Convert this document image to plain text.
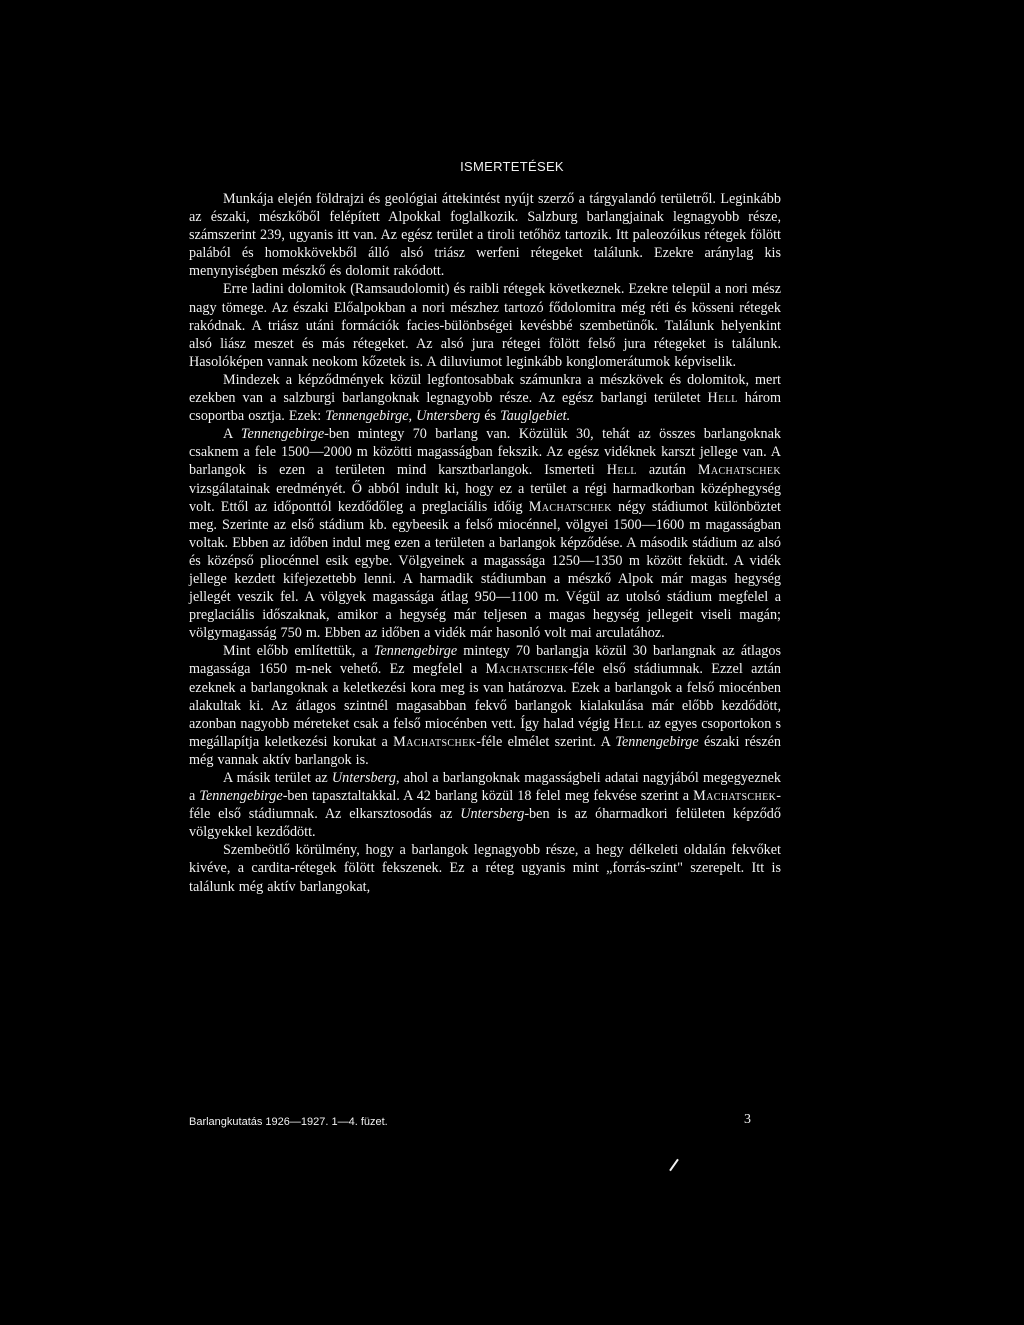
ISMERTETÉSEK

Munkája elején földrajzi és geológiai áttekintést nyújt szerző a tárgyalandó területről. Leginkább az északi, mészkőből felépített Alpokkal foglalkozik. Salzburg barlangjainak legnagyobb része, számszerint 239, ugyanis itt van. Az egész terület a tiroli tetőhöz tartozik. Itt paleozóikus rétegek fölött palából és homokkövekből álló alsó triász werfeni rétegeket találunk. Ezekre aránylag kis menynyiségben mészkő és dolomit rakódott.

Erre ladini dolomitok (Ramsaudolomit) és raibli rétegek következnek. Ezekre települ a nori mész nagy tömege. Az északi Előalpokban a nori mészhez tartozó fődolomitra még réti és kösseni rétegek rakódnak. A triász utáni formációk facies-bülönbségei kevésbbé szembetünők. Találunk helyenkint alsó liász meszet és más rétegeket. Az alsó jura rétegei fölött felső jura rétegeket is találunk. Hasolóképen vannak neokom kőzetek is. A diluviumot leginkább konglomerátumok képviselik.

Mindezek a képződmények közül legfontosabbak számunkra a mészkövek és dolomitok, mert ezekben van a salzburgi barlangoknak legnagyobb része. Az egész barlangi területet Hell három csoportba osztja. Ezek: Tennengebirge, Untersberg és Tauglgebiet.

A Tennengebirge-ben mintegy 70 barlang van. Közülük 30, tehát az összes barlangoknak csaknem a fele 1500—2000 m közötti magasságban fekszik. Az egész vidéknek karszt jellege van. A barlangok is ezen a területen mind karsztbarlangok. Ismerteti Hell azután Machatschek vizsgálatainak eredményét. Ő abból indult ki, hogy ez a terület a régi harmadkorban középhegység volt. Ettől az időponttól kezdődőleg a preglaciális időig Machatschek négy stádiumot különböztet meg. Szerinte az első stádium kb. egybeesik a felső miocénnel, völgyei 1500—1600 m magasságban voltak. Ebben az időben indul meg ezen a területen a barlangok képződése. A második stádium az alsó és középső pliocénnel esik egybe. Völgyeinek a magassága 1250—1350 m között feküdt. A vidék jellege kezdett kifejezettebb lenni. A harmadik stádiumban a mészkő Alpok már magas hegység jellegét veszik fel. A völgyek magassága átlag 950—1100 m. Végül az utolsó stádium megfelel a preglaciális időszaknak, amikor a hegység már teljesen a magas hegység jellegeit viseli magán; völgymagasság 750 m. Ebben az időben a vidék már hasonló volt mai arculatához.

Mint előbb említettük, a Tennengebirge mintegy 70 barlangja közül 30 barlangnak az átlagos magassága 1650 m-nek vehető. Ez megfelel a Machatschek-féle első stádiumnak. Ezzel aztán ezeknek a barlangoknak a keletkezési kora meg is van határozva. Ezek a barlangok a felső miocénben alakultak ki. Az átlagos szintnél magasabban fekvő barlangok kialakulása már előbb kezdődött, azonban nagyobb méreteket csak a felső miocénben vett. Így halad végig Hell az egyes csoportokon s megállapítja keletkezési korukat a Machatschek-féle elmélet szerint. A Tennengebirge északi részén még vannak aktív barlangok is.

A másik terület az Untersberg, ahol a barlangoknak magasságbeli adatai nagyjából megegyeznek a Tennengebirge-ben tapasztaltakkal. A 42 barlang közül 18 felel meg fekvése szerint a Machatschek-féle első stádiumnak. Az elkarsztosodás az Untersberg-ben is az óharmadkori felületen képződő völgyekkel kezdődött.

Szembeötlő körülmény, hogy a barlangok legnagyobb része, a hegy délkeleti oldalán fekvőket kivéve, a cardita-rétegek fölött fekszenek. Ez a réteg ugyanis mint „forrás-szint" szerepelt. Itt is találunk még aktív barlangokat,

Barlangkutatás 1926—1927. 1—4. füzet.	3
